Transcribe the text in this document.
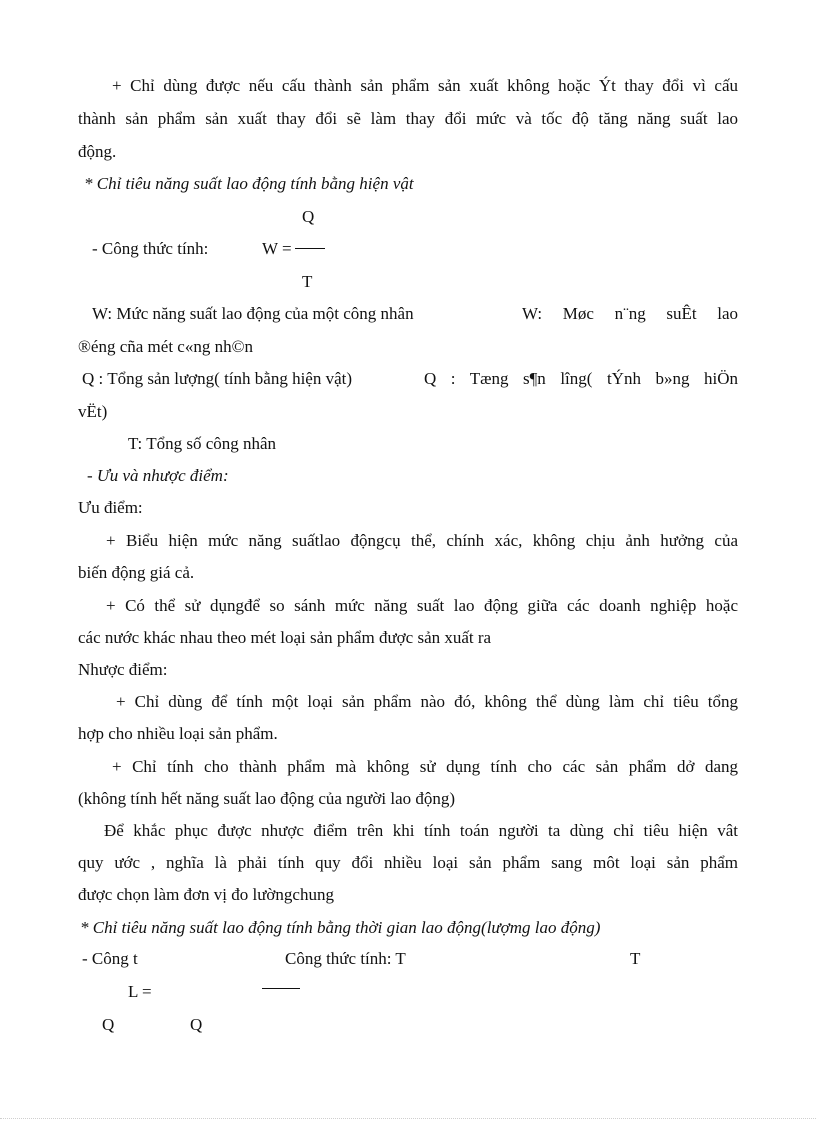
+ Chỉ dùng được nếu cấu thành sản phẩm sản xuất không hoặc Ýt thay đổi vì cấu
thành sản phẩm sản xuất thay đổi sẽ làm thay đổi mức và tốc độ tăng năng suất lao
động.
* Chỉ tiêu năng suất lao động tính bằng hiện vật
Q
- Công thức tính:	W =
T
W: Mức năng suất lao động của một công nhân	W: Møc n¨ng suÊt lao
®éng cña mét c«ng nh©n
Q : Tổng sản lượng( tính bằng hiện vật)	Q : Tæng s¶n lîng( tÝnh b»ng hiÖn
vËt)
T: Tổng số công nhân
- Ưu và nhược điểm:
Ưu điểm:
+ Biểu hiện mức năng suấtlao độngcụ thể, chính xác, không chịu ảnh hưởng của
biến động giá cả.
+ Có thể sử dụngđể so sánh mức năng suất lao động giữa các doanh nghiệp hoặc
các nước khác nhau theo mét loại sản phẩm được sản xuất ra
Nhược điểm:
+ Chỉ dùng để tính một loại sản phẩm nào đó, không thể dùng làm chỉ tiêu tổng
hợp cho nhiều loại sản phẩm.
+ Chỉ tính cho thành phẩm mà không sử dụng tính cho các sản phẩm dở dang
(không tính hết năng suất lao động của người lao động)
Để khắc phục được nhược điểm trên khi tính toán người ta dùng chỉ tiêu hiện vât
quy ước , nghĩa là phải tính quy đổi nhiều loại sản phẩm sang môt loại sản phẩm
được chọn làm đơn vị đo lườngchung
* Chỉ tiêu năng suất lao động tính bằng thời gian lao động(lượmg lao động)
- Công t	Công thức tính: T	T
L =
Q	Q
